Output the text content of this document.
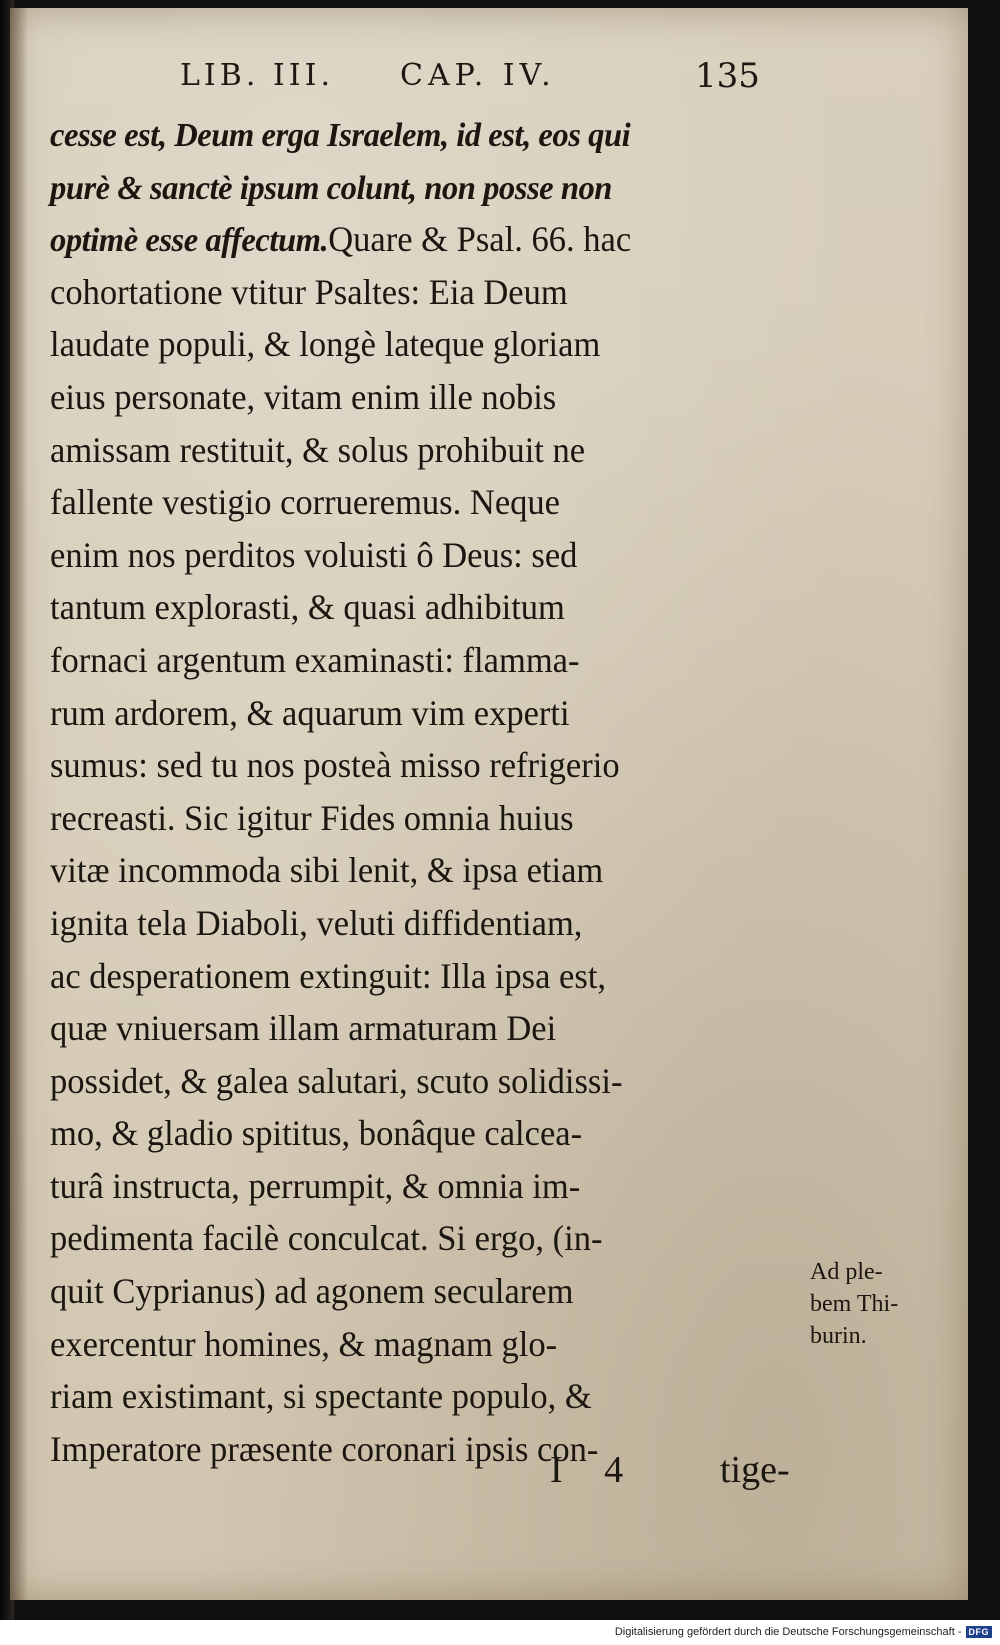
LIB. III. CAP. IV.	135
cesse est, Deum erga Israelem, id est, eos qui
purè & sanctè ipsum colunt, non posse non
optimè esse affectum.Quare & Psal. 66. hac
cohortatione vtitur Psaltes: Eia Deum
laudate populi, & longè lateque gloriam
eius personate, vitam enim ille nobis
amissam restituit, & solus prohibuit ne
fallente vestigio corrueremus. Neque
enim nos perditos voluisti ô Deus: sed
tantum explorasti, & quasi adhibitum
fornaci argentum examinasti: flamma-
rum ardorem, & aquarum vim experti
sumus: sed tu nos posteà misso refrigerio
recreasti. Sic igitur Fides omnia huius
vitæ incommoda sibi lenit, & ipsa etiam
ignita tela Diaboli, veluti diffidentiam,
ac desperationem extinguit: Illa ipsa est,
quæ vniuersam illam armaturam Dei
possidet, & galea salutari, scuto solidissi-
mo, & gladio spititus, bonâque calcea-
turâ instructa, perrumpit, & omnia im-
pedimenta facilè conculcat. Si ergo, (in-
quit Cyprianus) ad agonem secularem
exercentur homines, & magnam glo-
riam existimant, si spectante populo, &
Imperatore præsente coronari ipsis con-
Ad ple-
bem Thi-
burin.
I 4 tige-
Digitalisierung gefördert durch die Deutsche Forschungsgemeinschaft - DFG
